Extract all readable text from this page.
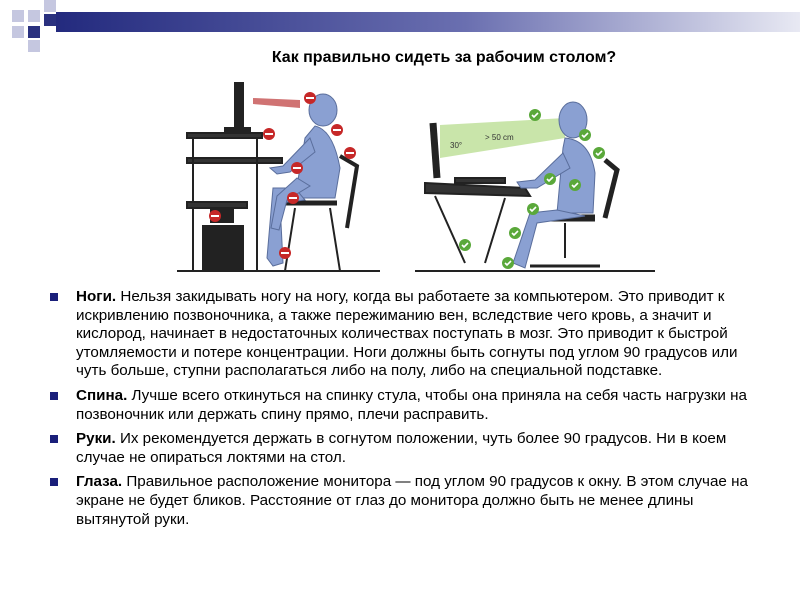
Как правильно сидеть за рабочим столом?
30°
> 50 cm
Ноги. Нельзя закидывать ногу на ногу, когда вы работаете за компьютером. Это приводит к искривлению позвоночника, а также пережиманию вен, вследствие чего кровь, а значит и кислород, начинает в недостаточных количествах поступать в мозг. Это приводит к быстрой утомляемости и потере концентрации. Ноги должны быть согнуты под углом 90 градусов или чуть больше, ступни располагаться либо на полу, либо на специальной подставке.
Спина. Лучше всего откинуться на спинку стула, чтобы она приняла на себя часть нагрузки на позвоночник или держать спину прямо, плечи расправить.
Руки. Их рекомендуется держать в согнутом положении, чуть более 90 градусов. Ни в коем случае не опираться локтями на стол.
Глаза. Правильное расположение монитора — под углом 90 градусов к окну. В этом случае на экране не будет бликов. Расстояние от глаз до монитора должно быть не менее длины вытянутой руки.
